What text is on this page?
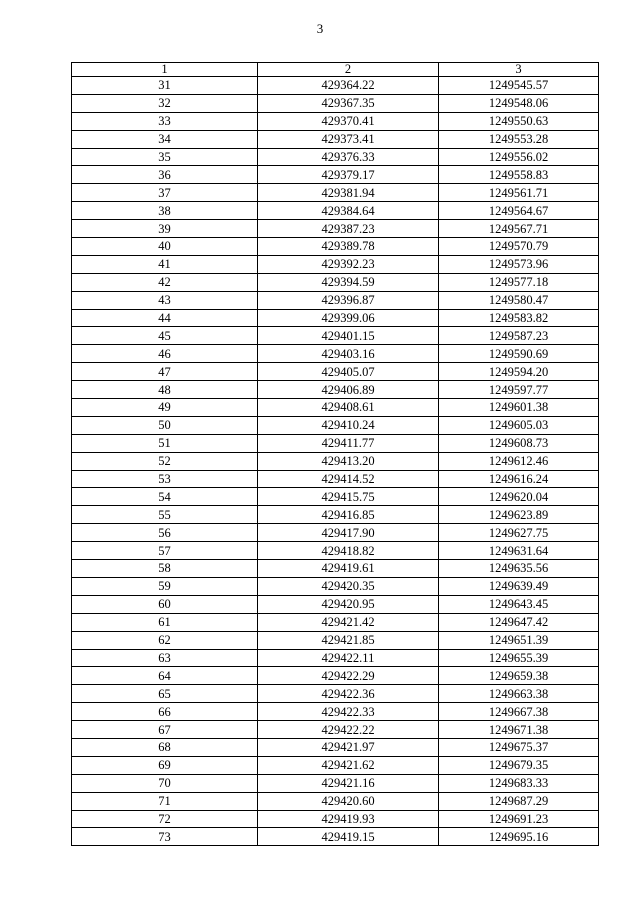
3
1	2	3
31	429364.22	1249545.57
32	429367.35	1249548.06
33	429370.41	1249550.63
34	429373.41	1249553.28
35	429376.33	1249556.02
36	429379.17	1249558.83
37	429381.94	1249561.71
38	429384.64	1249564.67
39	429387.23	1249567.71
40	429389.78	1249570.79
41	429392.23	1249573.96
42	429394.59	1249577.18
43	429396.87	1249580.47
44	429399.06	1249583.82
45	429401.15	1249587.23
46	429403.16	1249590.69
47	429405.07	1249594.20
48	429406.89	1249597.77
49	429408.61	1249601.38
50	429410.24	1249605.03
51	429411.77	1249608.73
52	429413.20	1249612.46
53	429414.52	1249616.24
54	429415.75	1249620.04
55	429416.85	1249623.89
56	429417.90	1249627.75
57	429418.82	1249631.64
58	429419.61	1249635.56
59	429420.35	1249639.49
60	429420.95	1249643.45
61	429421.42	1249647.42
62	429421.85	1249651.39
63	429422.11	1249655.39
64	429422.29	1249659.38
65	429422.36	1249663.38
66	429422.33	1249667.38
67	429422.22	1249671.38
68	429421.97	1249675.37
69	429421.62	1249679.35
70	429421.16	1249683.33
71	429420.60	1249687.29
72	429419.93	1249691.23
73	429419.15	1249695.16
